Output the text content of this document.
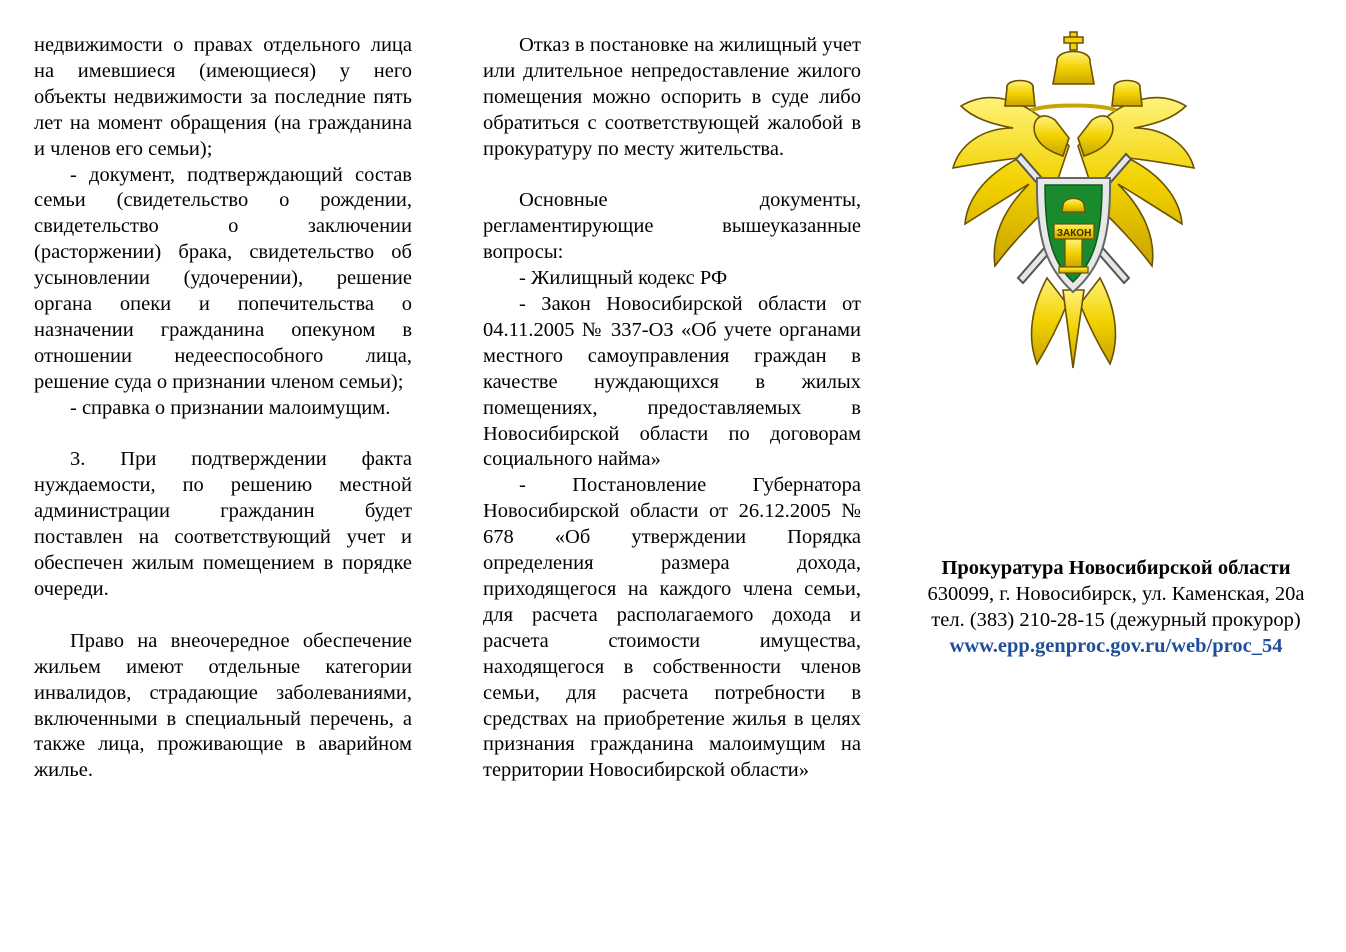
недвижимости о правах отдельного лица на имевшиеся (имеющиеся) у него объекты недвижимости за последние пять лет на момент обращения (на гражданина и членов его семьи);

- документ, подтверждающий состав семьи (свидетельство о рождении, свидетельство о заключении (расторжении) брака, свидетельство об усыновлении (удочерении), решение органа опеки и попечительства о назначении гражданина опекуном в отношении недееспособного лица, решение суда о признании членом семьи);

- справка о признании малоимущим.

3. При подтверждении факта нуждаемости, по решению местной администрации гражданин будет поставлен на соответствующий учет и обеспечен жилым помещением в порядке очереди.

Право на внеочередное обеспечение жильем имеют отдельные категории инвалидов, страдающие заболеваниями, включенными в специальный перечень, а также лица, проживающие в аварийном жилье.

Отказ в постановке на жилищный учет или длительное непредоставление жилого помещения можно оспорить в суде либо обратиться с соответствующей жалобой в прокуратуру по месту жительства.

Основные документы, регламентирующие вышеуказанные вопросы:

- Жилищный кодекс РФ

- Закон Новосибирской области от 04.11.2005 № 337-ОЗ «Об учете органами местного самоуправления граждан в качестве нуждающихся в жилых помещениях, предоставляемых в Новосибирской области по договорам социального найма»

- Постановление Губернатора Новосибирской области от 26.12.2005 № 678 «Об утверждении Порядка определения размера дохода, приходящегося на каждого члена семьи, для расчета располагаемого дохода и расчета стоимости имущества, находящегося в собственности членов семьи, для расчета потребности в средствах на приобретение жилья в целях признания гражданина малоимущим на территории Новосибирской области»

ЗАКОН
Прокуратура Новосибирской области
630099, г. Новосибирск, ул. Каменская, 20а
тел. (383) 210-28-15 (дежурный прокурор)
www.epp.genproc.gov.ru/web/proc_54
